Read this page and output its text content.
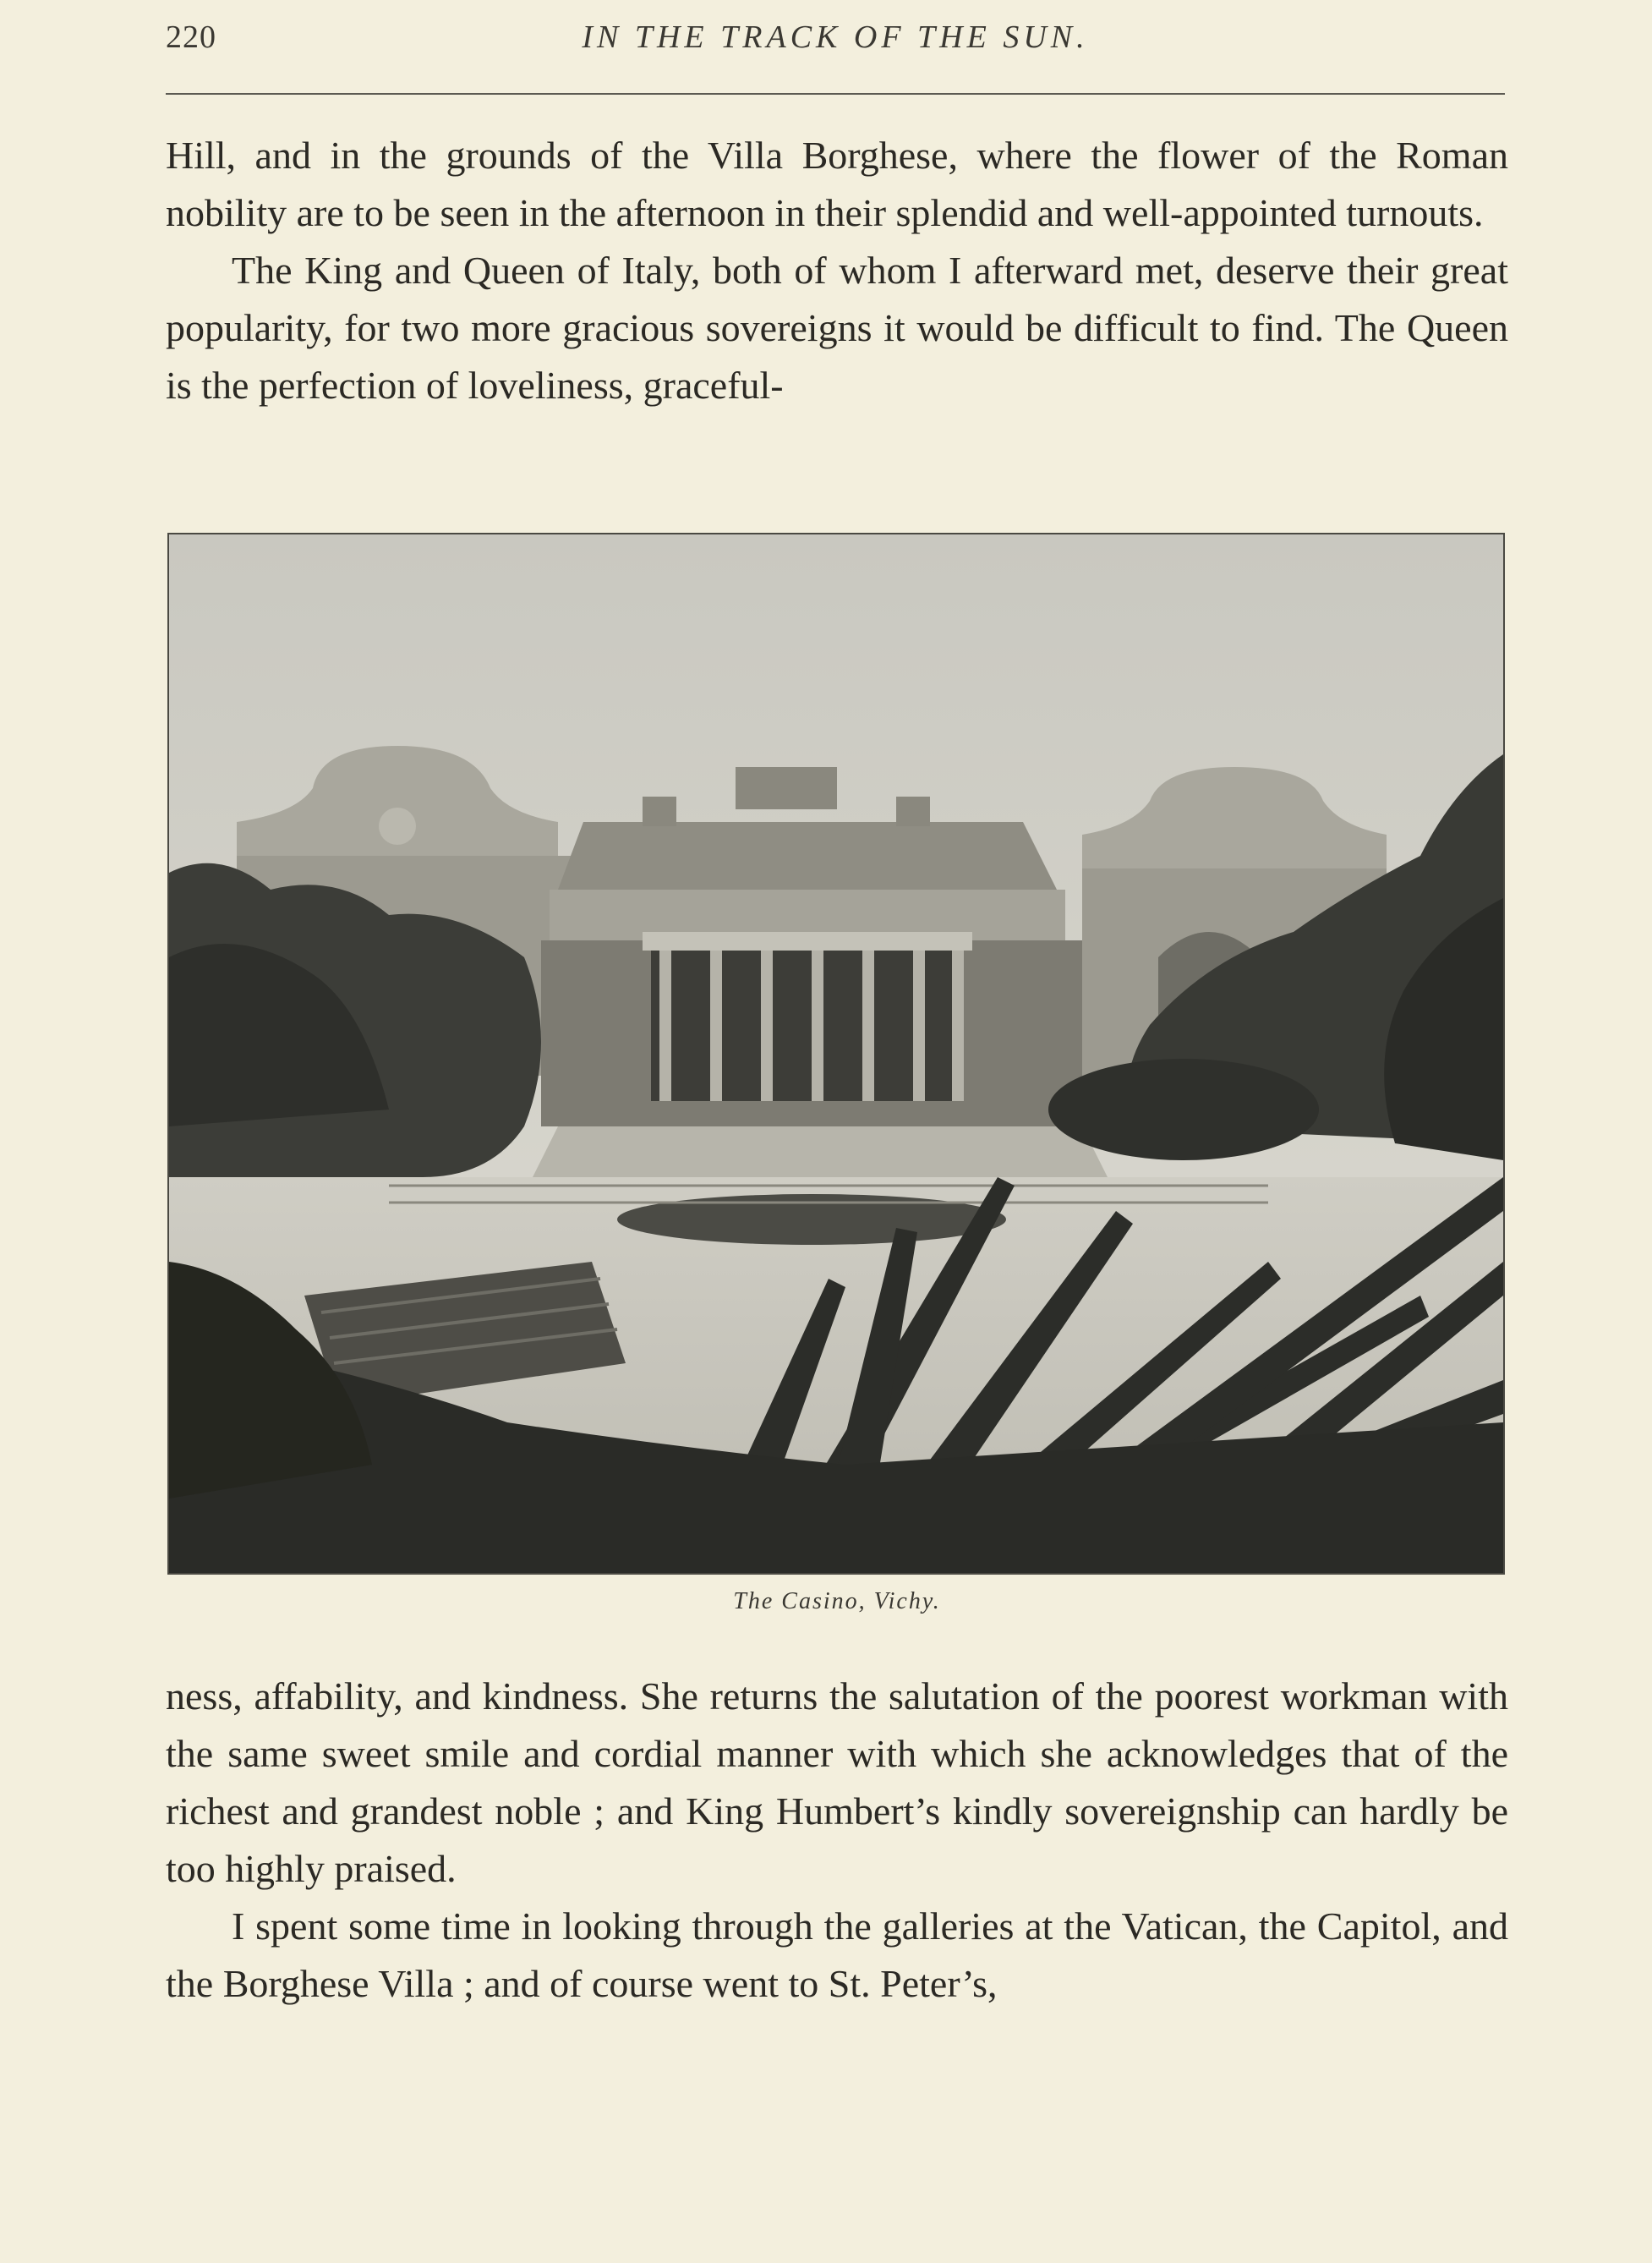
220	IN THE TRACK OF THE SUN.

Hill, and in the grounds of the Villa Borghese, where the flower of the Roman nobility are to be seen in the afternoon in their splendid and well-appointed turnouts.

The King and Queen of Italy, both of whom I afterward met, deserve their great popularity, for two more gracious sovereigns it would be difficult to find. The Queen is the perfection of loveliness, graceful-

The Casino, Vichy.

ness, affability, and kindness. She returns the salutation of the poorest workman with the same sweet smile and cordial manner with which she acknowledges that of the richest and grandest noble ; and King Humbert’s kindly sovereignship can hardly be too highly praised.

I spent some time in looking through the galleries at the Vatican, the Capitol, and the Borghese Villa ; and of course went to St. Peter’s,
